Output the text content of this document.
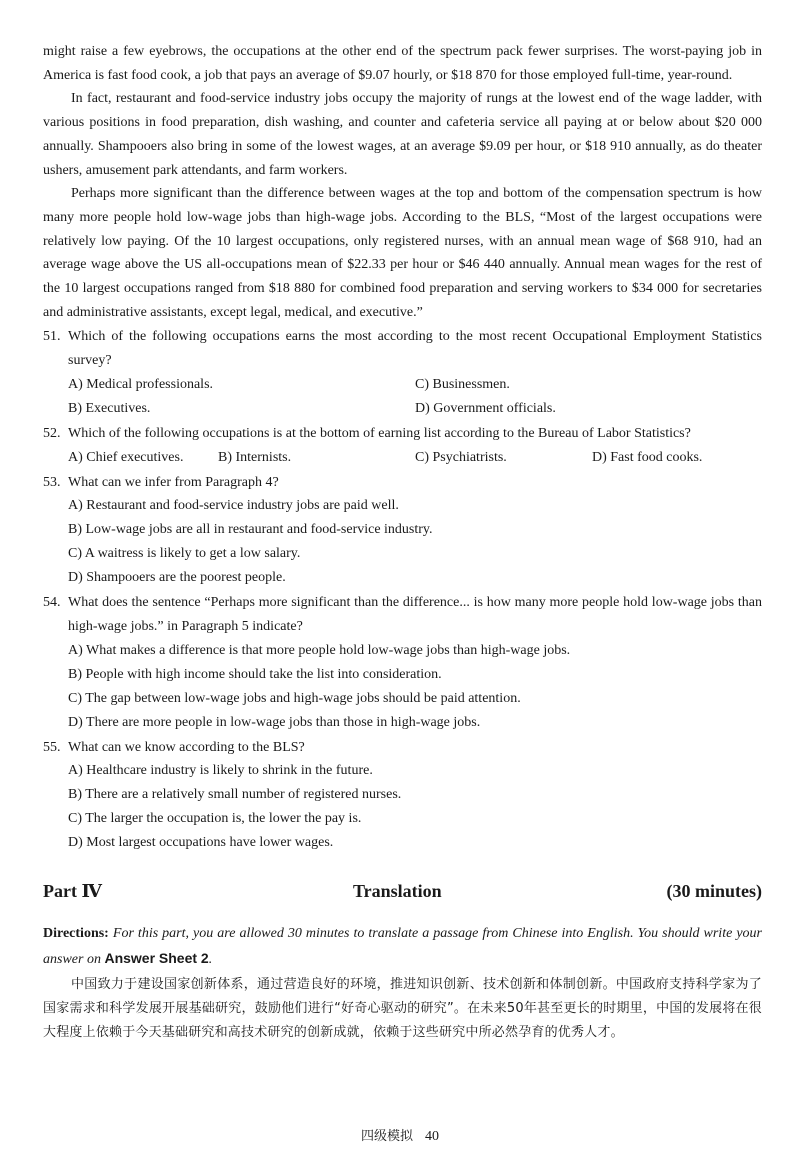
might raise a few eyebrows, the occupations at the other end of the spectrum pack fewer surprises. The worst-paying job in America is fast food cook, a job that pays an average of $9.07 hourly, or $18 870 for those employed full-time, year-round.

In fact, restaurant and food-service industry jobs occupy the majority of rungs at the lowest end of the wage ladder, with various positions in food preparation, dish washing, and counter and cafeteria service all paying at or below about $20 000 annually. Shampooers also bring in some of the lowest wages, at an average $9.09 per hour, or $18 910 annually, as do theater ushers, amusement park attendants, and farm workers.

Perhaps more significant than the difference between wages at the top and bottom of the compensation spectrum is how many more people hold low-wage jobs than high-wage jobs. According to the BLS, “Most of the largest occupations were relatively low paying. Of the 10 largest occupations, only registered nurses, with an annual mean wage of $68 910, had an average wage above the US all-occupations mean of $22.33 per hour or $46 440 annually. Annual mean wages for the rest of the 10 largest occupations ranged from $18 880 for combined food preparation and serving workers to $34 000 for secretaries and administrative assistants, except legal, medical, and executive.”

51. Which of the following occupations earns the most according to the most recent Occupational Employment Statistics survey?
A) Medical professionals.	C) Businessmen.
B) Executives.	D) Government officials.
52. Which of the following occupations is at the bottom of earning list according to the Bureau of Labor Statistics?
A) Chief executives.	B) Internists.	C) Psychiatrists.	D) Fast food cooks.
53. What can we infer from Paragraph 4?
A) Restaurant and food-service industry jobs are paid well.
B) Low-wage jobs are all in restaurant and food-service industry.
C) A waitress is likely to get a low salary.
D) Shampooers are the poorest people.
54. What does the sentence “Perhaps more significant than the difference... is how many more people hold low-wage jobs than high-wage jobs.” in Paragraph 5 indicate?
A) What makes a difference is that more people hold low-wage jobs than high-wage jobs.
B) People with high income should take the list into consideration.
C) The gap between low-wage jobs and high-wage jobs should be paid attention.
D) There are more people in low-wage jobs than those in high-wage jobs.
55. What can we know according to the BLS?
A) Healthcare industry is likely to shrink in the future.
B) There are a relatively small number of registered nurses.
C) The larger the occupation is, the lower the pay is.
D) Most largest occupations have lower wages.
Part Ⅳ	Translation	(30 minutes)
Directions: For this part, you are allowed 30 minutes to translate a passage from Chinese into English. You should write your answer on Answer Sheet 2.

中国致力于建设国家创新体系，通过营造良好的环境，推进知识创新、技术创新和体制创新。中国政府支持科学家为了国家需求和科学发展开展基础研究，鼓励他们进行“好奇心驱动的研究”。在未来50年甚至更长的时期里，中国的发展将在很大程度上依赖于今天基础研究和高技术研究的创新成就，依赖于这些研究中所必然孕育的优秀人才。

四级模拟 40
